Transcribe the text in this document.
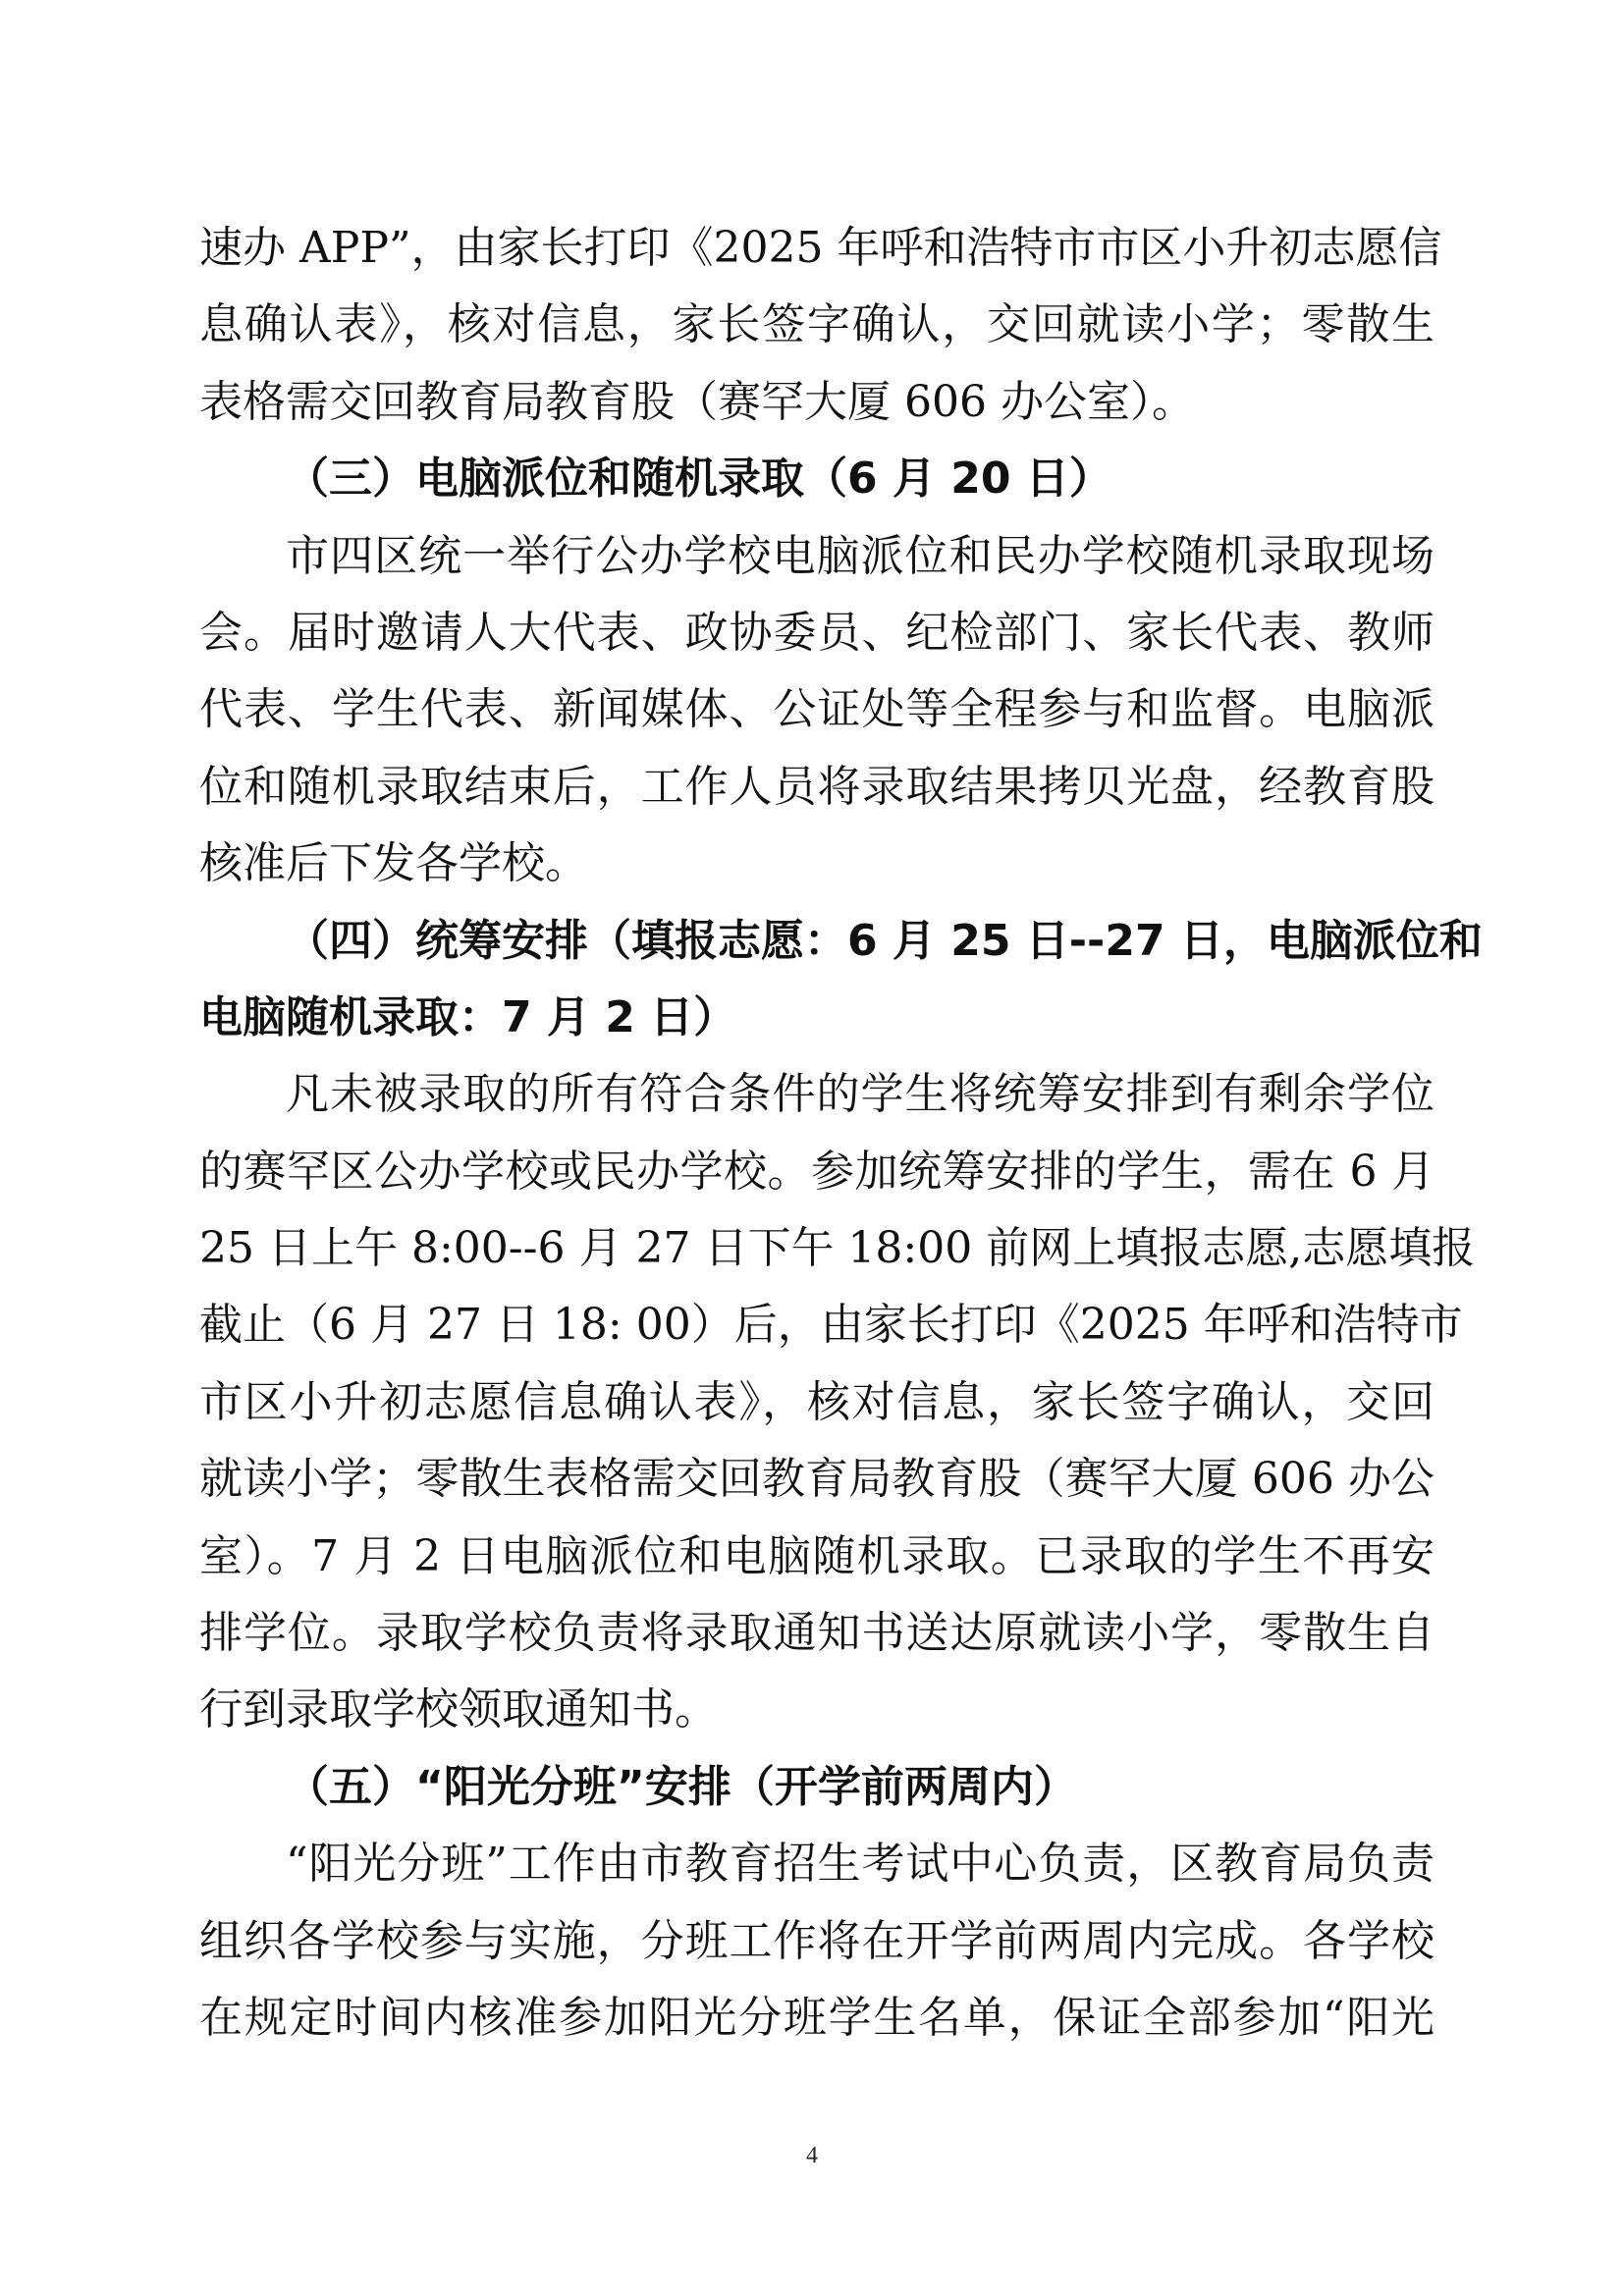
速办 APP”，由家长打印《2025 年呼和浩特市市区小升初志愿信
息确认表》，核对信息，家长签字确认，交回就读小学；零散生
表格需交回教育局教育股（赛罕大厦 606 办公室）。
（三）电脑派位和随机录取（6 月 20 日）
市四区统一举行公办学校电脑派位和民办学校随机录取现场
会。届时邀请人大代表、政协委员、纪检部门、家长代表、教师
代表、学生代表、新闻媒体、公证处等全程参与和监督。电脑派
位和随机录取结束后，工作人员将录取结果拷贝光盘，经教育股
核准后下发各学校。
（四）统筹安排（填报志愿：6 月 25 日--27 日，电脑派位和
电脑随机录取：7 月 2 日）
凡未被录取的所有符合条件的学生将统筹安排到有剩余学位
的赛罕区公办学校或民办学校。参加统筹安排的学生，需在 6 月
25 日上午 8:00--6 月 27 日下午 18:00 前网上填报志愿,志愿填报
截止（6 月 27 日 18: 00）后，由家长打印《2025 年呼和浩特市
市区小升初志愿信息确认表》，核对信息，家长签字确认，交回
就读小学；零散生表格需交回教育局教育股（赛罕大厦 606 办公
室）。7 月 2 日电脑派位和电脑随机录取。已录取的学生不再安
排学位。录取学校负责将录取通知书送达原就读小学，零散生自
行到录取学校领取通知书。
（五）“阳光分班”安排（开学前两周内）
“阳光分班”工作由市教育招生考试中心负责，区教育局负责
组织各学校参与实施，分班工作将在开学前两周内完成。各学校
在规定时间内核准参加阳光分班学生名单，保证全部参加“阳光
4
